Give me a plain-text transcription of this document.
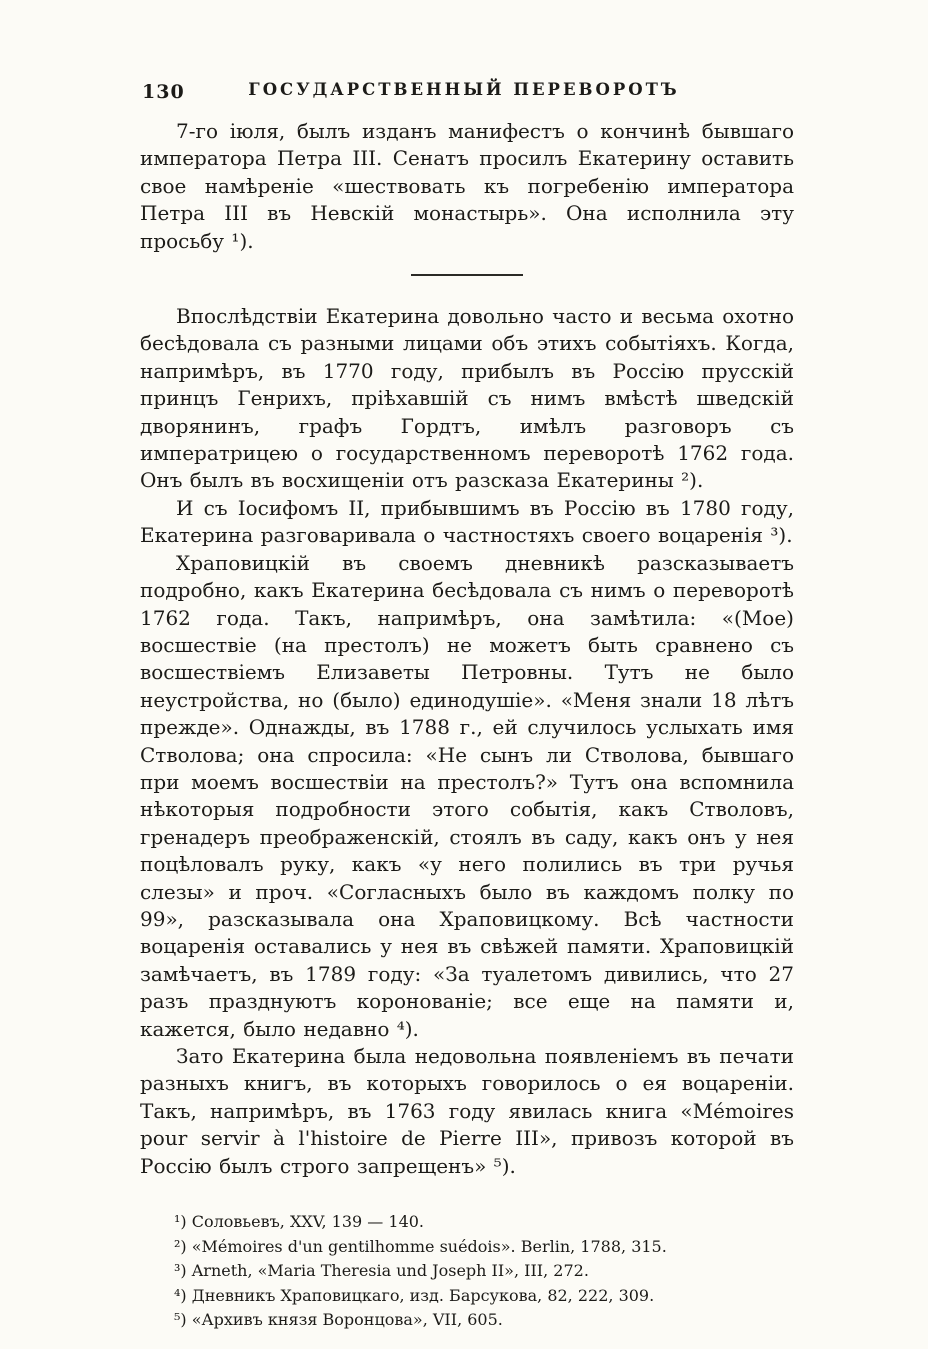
130	ГОСУДАРСТВЕННЫЙ ПЕРЕВОРОТЪ

7-го іюля, былъ изданъ манифестъ о кончинѣ бывшаго императора Петра III. Сенатъ просилъ Екатерину оставить свое намѣреніе «шествовать къ погребенію императора Петра III въ Невскій монастырь». Она исполнила эту просьбу ¹).

Впослѣдствіи Екатерина довольно часто и весьма охотно бесѣдовала съ разными лицами объ этихъ событіяхъ. Когда, напримѣръ, въ 1770 году, прибылъ въ Россію прусскій принцъ Генрихъ, пріѣхавшій съ нимъ вмѣстѣ шведскій дворянинъ, графъ Гордтъ, имѣлъ разговоръ съ императрицею о государственномъ переворотѣ 1762 года. Онъ былъ въ восхищеніи отъ разсказа Екатерины ²).

И съ Іосифомъ II, прибывшимъ въ Россію въ 1780 году, Екатерина разговаривала о частностяхъ своего воцаренія ³).

Храповицкій въ своемъ дневникѣ разсказываетъ подробно, какъ Екатерина бесѣдовала съ нимъ о переворотѣ 1762 года. Такъ, напримѣръ, она замѣтила: «(Мое) восшествіе (на престолъ) не можетъ быть сравнено съ восшествіемъ Елизаветы Петровны. Тутъ не было неустройства, но (было) единодушіе». «Меня знали 18 лѣтъ прежде». Однажды, въ 1788 г., ей случилось услыхать имя Стволова; она спросила: «Не сынъ ли Стволова, бывшаго при моемъ восшествіи на престолъ?» Тутъ она вспомнила нѣкоторыя подробности этого событія, какъ Стволовъ, гренадеръ преображенскій, стоялъ въ саду, какъ онъ у нея поцѣловалъ руку, какъ «у него полились въ три ручья слезы» и проч. «Согласныхъ было въ каждомъ полку по 99», разсказывала она Храповицкому. Всѣ частности воцаренія оставались у нея въ свѣжей памяти. Храповицкій замѣчаетъ, въ 1789 году: «За туалетомъ дивились, что 27 разъ празднуютъ коронованіе; все еще на памяти и, кажется, было недавно ⁴).

Зато Екатерина была недовольна появленіемъ въ печати разныхъ книгъ, въ которыхъ говорилось о ея воцареніи. Такъ, напримѣръ, въ 1763 году явилась книга «Mémoires pour servir à l'histoire de Pierre III», привозъ которой въ Россію былъ строго запрещенъ» ⁵).

¹) Соловьевъ, XXV, 139 — 140.
²) «Mémoires d'un gentilhomme suédois». Berlin, 1788, 315.
³) Arneth, «Maria Theresia und Joseph II», III, 272.
⁴) Дневникъ Храповицкаго, изд. Барсукова, 82, 222, 309.
⁵) «Архивъ князя Воронцова», VII, 605.
